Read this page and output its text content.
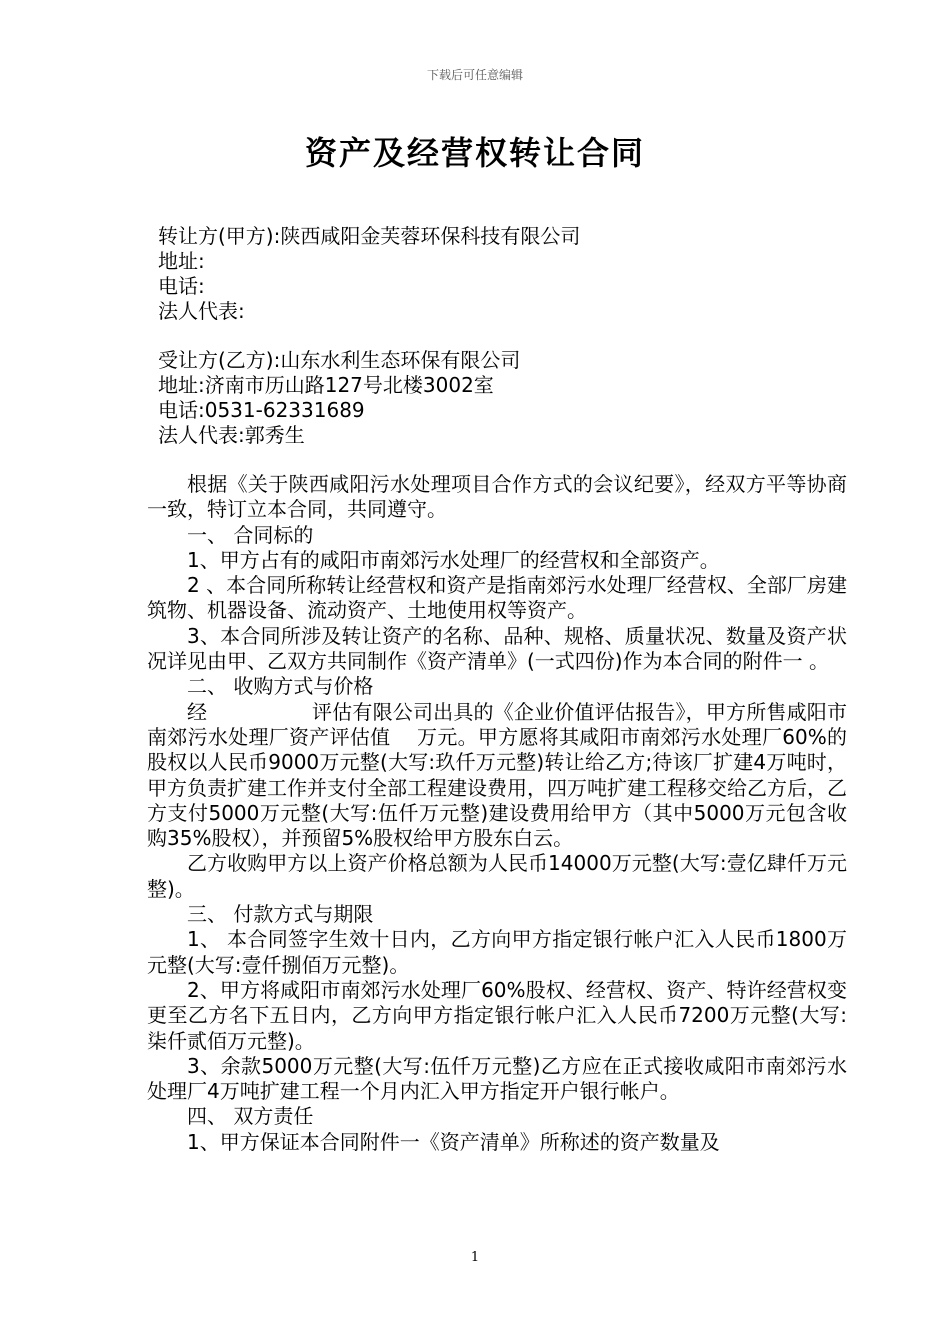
下载后可任意编辑
资产及经营权转让合同
转让方(甲方):陕西咸阳金芙蓉环保科技有限公司
地址:
电话:
法人代表:
受让方(乙方):山东水利生态环保有限公司
地址:济南市历山路127号北楼3002室
电话:0531-62331689
法人代表:郭秀生

根据《关于陕西咸阳污水处理项目合作方式的会议纪要》，经双方平等协商一致，特订立本合同，共同遵守。

一、 合同标的

1、甲方占有的咸阳市南郊污水处理厂的经营权和全部资产。

2 、本合同所称转让经营权和资产是指南郊污水处理厂经营权、全部厂房建筑物、机器设备、流动资产、土地使用权等资产。

3、本合同所涉及转让资产的名称、品种、规格、质量状况、数量及资产状况详见由甲、乙双方共同制作《资产清单》(一式四份)作为本合同的附件一 。

二、 收购方式与价格

经                评估有限公司出具的《企业价值评估报告》，甲方所售咸阳市南郊污水处理厂资产评估值    万元。甲方愿将其咸阳市南郊污水处理厂60%的股权以人民币9000万元整(大写:玖仟万元整)转让给乙方;待该厂扩建4万吨时，甲方负责扩建工作并支付全部工程建设费用，四万吨扩建工程移交给乙方后，乙方支付5000万元整(大写:伍仟万元整)建设费用给甲方（其中5000万元包含收购35%股权），并预留5%股权给甲方股东白云。

乙方收购甲方以上资产价格总额为人民币14000万元整(大写:壹亿肆仟万元整)。

三、 付款方式与期限

1、 本合同签字生效十日内，乙方向甲方指定银行帐户汇入人民币1800万元整(大写:壹仟捌佰万元整)。

2、甲方将咸阳市南郊污水处理厂60%股权、经营权、资产、特许经营权变更至乙方名下五日内，乙方向甲方指定银行帐户汇入人民币7200万元整(大写:柒仟贰佰万元整)。

3、余款5000万元整(大写:伍仟万元整)乙方应在正式接收咸阳市南郊污水处理厂4万吨扩建工程一个月内汇入甲方指定开户银行帐户。

四、 双方责任

1、甲方保证本合同附件一《资产清单》所称述的资产数量及

1
